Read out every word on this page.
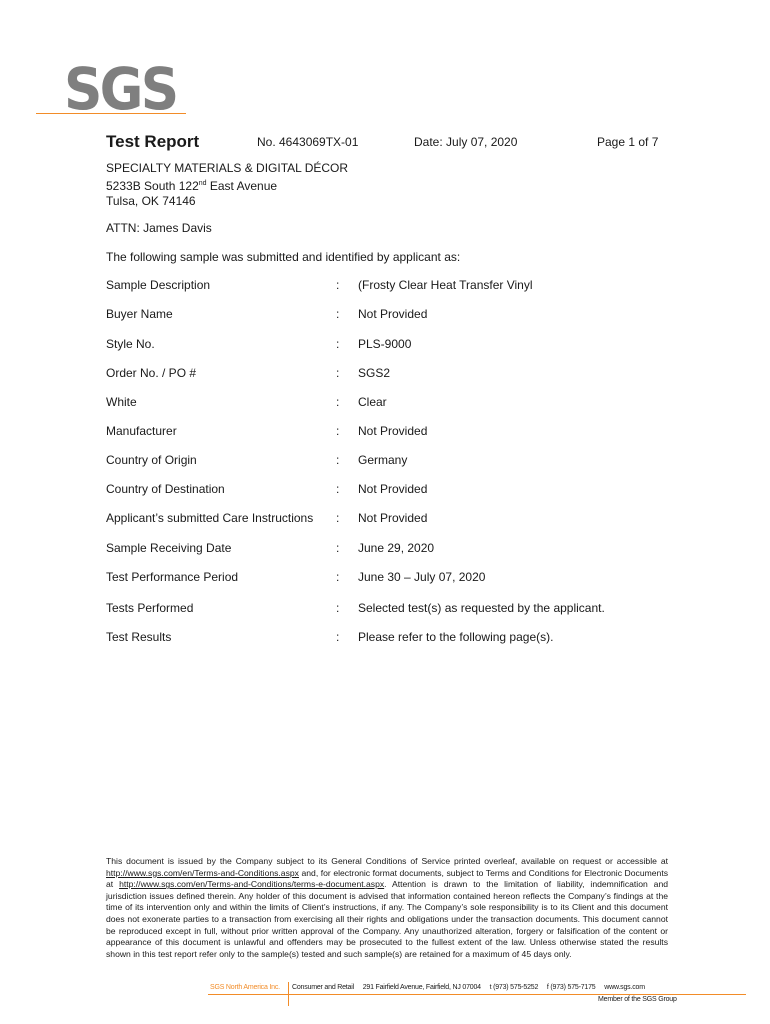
SGS
Test Report	No. 4643069TX-01	Date: July 07, 2020	Page 1 of 7
SPECIALTY MATERIALS & DIGITAL DÉCOR
5233B South 122nd East Avenue
Tulsa, OK 74146
ATTN: James Davis
The following sample was submitted and identified by applicant as:
Sample Description	: (Frosty Clear Heat Transfer Vinyl
Buyer Name	: Not Provided
Style No.	: PLS-9000
Order No. / PO #	: SGS2
White	: Clear
Manufacturer	: Not Provided
Country of Origin	: Germany
Country of Destination	: Not Provided
Applicant’s submitted Care Instructions : Not Provided
Sample Receiving Date	: June 29, 2020
Test Performance Period	: June 30 – July 07, 2020
Tests Performed	: Selected test(s) as requested by the applicant.
Test Results	: Please refer to the following page(s).
This document is issued by the Company subject to its General Conditions of Service printed overleaf, available on request or accessible at http://www.sgs.com/en/Terms-and-Conditions.aspx and, for electronic format documents, subject to Terms and Conditions for Electronic Documents at http://www.sgs.com/en/Terms-and-Conditions/terms-e-document.aspx. Attention is drawn to the limitation of liability, indemnification and jurisdiction issues defined therein. Any holder of this document is advised that information contained hereon reflects the Company’s findings at the time of its intervention only and within the limits of Client’s instructions, if any. The Company’s sole responsibility is to its Client and this document does not exonerate parties to a transaction from exercising all their rights and obligations under the transaction documents. This document cannot be reproduced except in full, without prior written approval of the Company. Any unauthorized alteration, forgery or falsification of the content or appearance of this document is unlawful and offenders may be prosecuted to the fullest extent of the law. Unless otherwise stated the results shown in this test report refer only to the sample(s) tested and such sample(s) are retained for a maximum of 45 days only.
SGS North America Inc. Consumer and Retail 291 Fairfield Avenue, Fairfield, NJ 07004 t (973) 575-5252 f (973) 575-7175 www.sgs.com
Member of the SGS Group
